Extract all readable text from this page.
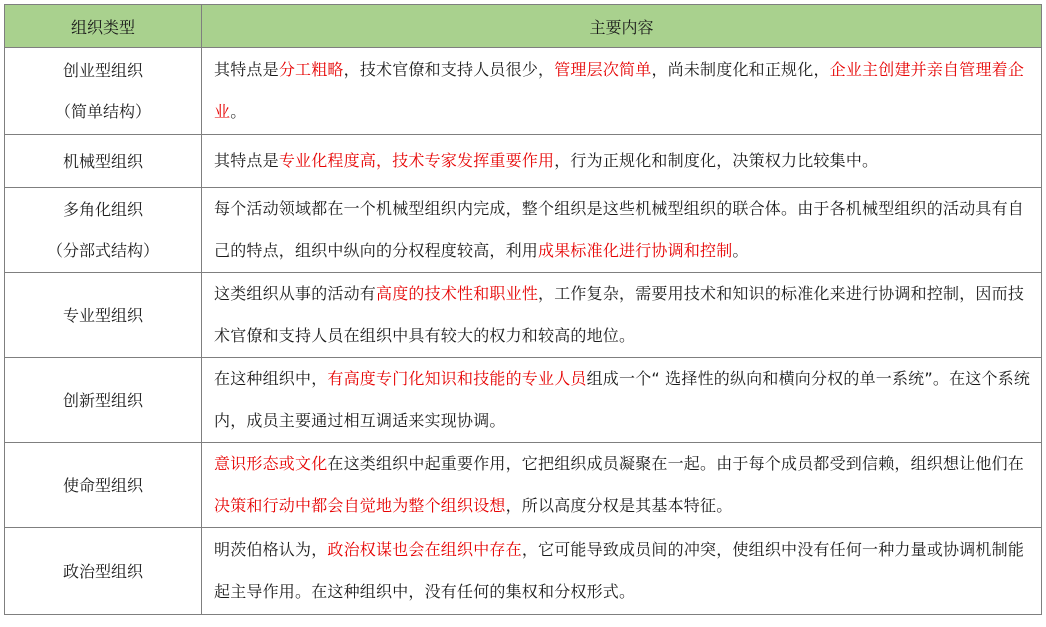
组织类型	主要内容

创业型组织
（简单结构）	其特点是分工粗略，技术官僚和支持人员很少，管理层次简单，尚未制度化和正规化，企业主创建并亲自管理着企业。

机械型组织	其特点是专业化程度高，技术专家发挥重要作用，行为正规化和制度化，决策权力比较集中。

多角化组织
（分部式结构）	每个活动领域都在一个机械型组织内完成，整个组织是这些机械型组织的联合体。由于各机械型组织的活动具有自己的特点，组织中纵向的分权程度较高，利用成果标准化进行协调和控制。

专业型组织	这类组织从事的活动有高度的技术性和职业性，工作复杂，需要用技术和知识的标准化来进行协调和控制，因而技术官僚和支持人员在组织中具有较大的权力和较高的地位。

创新型组织	在这种组织中，有高度专门化知识和技能的专业人员组成一个“ 选择性的纵向和横向分权的单一系统”。在这个系统内，成员主要通过相互调适来实现协调。

使命型组织	意识形态或文化在这类组织中起重要作用，它把组织成员凝聚在一起。由于每个成员都受到信赖，组织想让他们在决策和行动中都会自觉地为整个组织设想，所以高度分权是其基本特征。

政治型组织	明茨伯格认为，政治权谋也会在组织中存在，它可能导致成员间的冲突，使组织中没有任何一种力量或协调机制能起主导作用。在这种组织中，没有任何的集权和分权形式。
